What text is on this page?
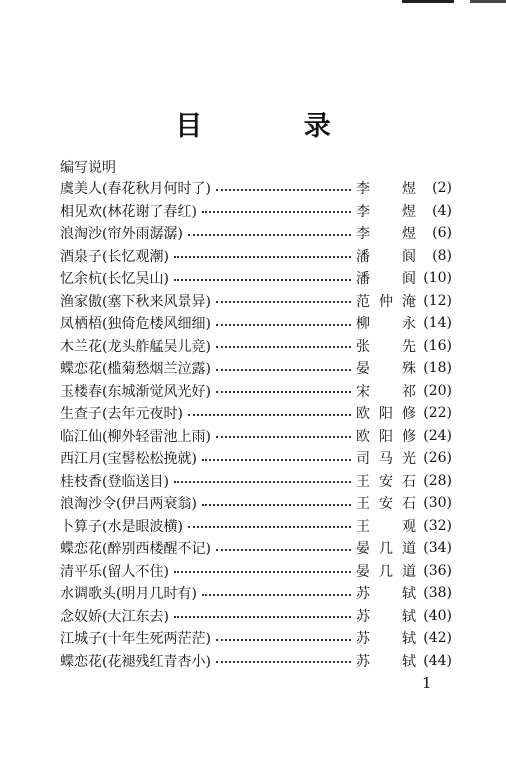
目 录
编写说明
虞美人(春花秋月何时了)	李煜	(2)
相见欢(林花谢了春红)	李煜	(4)
浪淘沙(帘外雨潺潺)	李煜	(6)
酒泉子(长忆观潮)	潘阆	(8)
忆余杭(长忆吴山)	潘阆 (10)
渔家傲(塞下秋来风景异)	范仲淹 (12)
凤栖梧(独倚危楼风细细)	柳永 (14)
木兰花(龙头舴艋吴儿竞)	张先 (16)
蝶恋花(槛菊愁烟兰泣露)	晏殊 (18)
玉楼春(东城渐觉风光好)	宋祁 (20)
生查子(去年元夜时)	欧阳修 (22)
临江仙(柳外轻雷池上雨)	欧阳修 (24)
西江月(宝髻松松挽就)	司马光 (26)
桂枝香(登临送目)	王安石 (28)
浪淘沙令(伊吕两衰翁)	王安石 (30)
卜算子(水是眼波横)	王观 (32)
蝶恋花(醉别西楼醒不记)	晏几道 (34)
清平乐(留人不住)	晏几道 (36)
水调歌头(明月几时有)	苏轼 (38)
念奴娇(大江东去)	苏轼 (40)
江城子(十年生死两茫茫)	苏轼 (42)
蝶恋花(花褪残红青杏小)	苏轼 (44)
1
